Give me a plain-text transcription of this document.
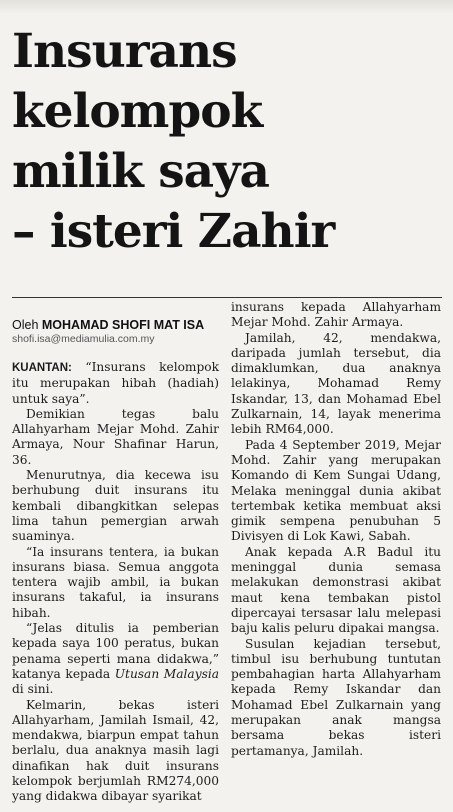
Insurans
kelompok
milik saya
– isteri Zahir
Oleh MOHAMAD SHOFI MAT ISA
shofi.isa@mediamulia.com.my

KUANTAN: “Insurans kelompok itu merupakan hibah (hadiah) untuk saya”.

Demikian tegas balu Allahyarham Mejar Mohd. Zahir Armaya, Nour Shafinar Harun, 36.

Menurutnya, dia kecewa isu berhubung duit insurans itu kembali dibangkitkan selepas lima tahun pemergian arwah suaminya.

“Ia insurans tentera, ia bukan insurans biasa. Semua anggota tentera wajib ambil, ia bukan insurans takaful, ia insurans hibah.

“Jelas ditulis ia pemberian kepada saya 100 peratus, bukan penama seperti mana didakwa,” katanya kepada Utusan Malaysia di sini.

Kelmarin, bekas isteri Allahyarham, Jamilah Ismail, 42, mendakwa, biarpun empat tahun berlalu, dua anaknya masih lagi dinafikan hak duit insurans kelompok berjumlah RM274,000 yang didakwa dibayar syarikat

insurans kepada Allahyarham Mejar Mohd. Zahir Armaya.

Jamilah, 42, mendakwa, daripada jumlah tersebut, dia dimaklumkan, dua anaknya lelakinya, Mohamad Remy Iskandar, 13, dan Mohamad Ebel Zulkarnain, 14, layak menerima lebih RM64,000.

Pada 4 September 2019, Mejar Mohd. Zahir yang merupakan Komando di Kem Sungai Udang, Melaka meninggal dunia akibat tertembak ketika membuat aksi gimik sempena penubuhan 5 Divisyen di Lok Kawi, Sabah.

Anak kepada A.R Badul itu meninggal dunia semasa melakukan demonstrasi akibat maut kena tembakan pistol dipercayai tersasar lalu melepasi baju kalis peluru dipakai mangsa.

Susulan kejadian tersebut, timbul isu berhubung tuntutan pembahagian harta Allahyarham kepada Remy Iskandar dan Mohamad Ebel Zulkarnain yang merupakan anak mangsa bersama bekas isteri pertamanya, Jamilah.
